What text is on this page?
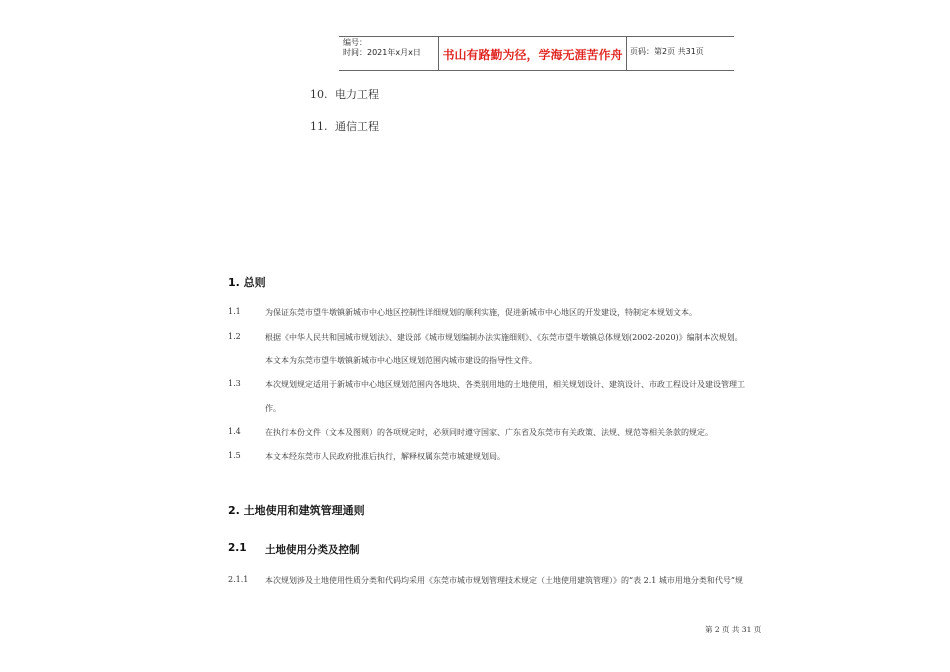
编号：
时间：2021年x月x日	书山有路勤为径，学海无涯苦作舟 页码：第2页 共31页
10. 电力工程
11. 通信工程
1. 总则
1.1	为保证东莞市望牛墩镇新城市中心地区控制性详细规划的顺利实施，促进新城市中心地区的开发建设，特制定本规划文本。
1.2	根据《中华人民共和国城市规划法》、建设部《城市规划编制办法实施细则》、《东莞市望牛墩镇总体规划(2002-2020)》编制本次规划。
本文本为东莞市望牛墩镇新城市中心地区规划范围内城市建设的指导性文件。
1.3	本次规划规定适用于新城市中心地区规划范围内各地块、各类别用地的土地使用，相关规划设计、建筑设计、市政工程设计及建设管理工
作。
1.4	在执行本份文件（文本及图则）的各项规定时，必须同时遵守国家、广东省及东莞市有关政策、法规、规范等相关条款的规定。
1.5	本文本经东莞市人民政府批准后执行，解释权属东莞市城建规划局。
2. 土地使用和建筑管理通则
2.1 土地使用分类及控制
2.1.1 本次规划涉及土地使用性质分类和代码均采用《东莞市城市规划管理技术规定（土地使用建筑管理）》的“表 2.1 城市用地分类和代号”规
第 2 页 共 31 页
